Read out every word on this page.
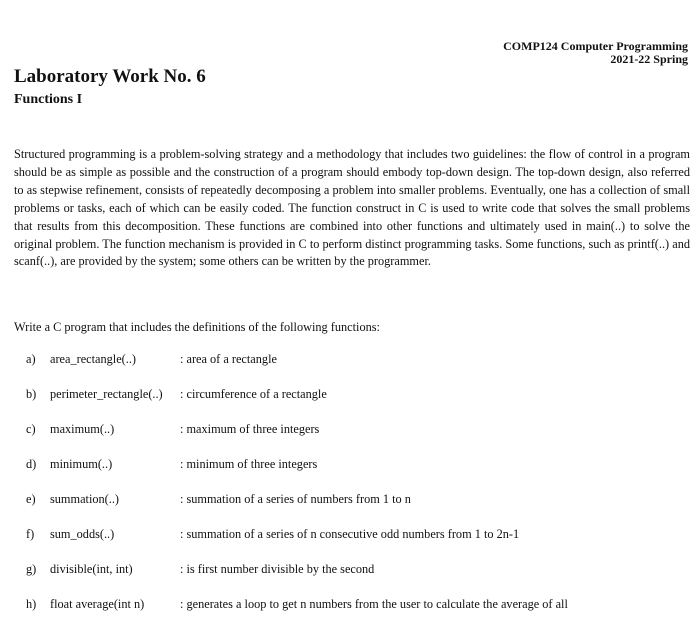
COMP124 Computer Programming
2021-22 Spring
Laboratory Work No. 6
Functions I

Structured programming is a problem-solving strategy and a methodology that includes two guidelines: the flow of control in a program should be as simple as possible and the construction of a program should embody top-down design. The top-down design, also referred to as stepwise refinement, consists of repeatedly decomposing a problem into smaller problems. Eventually, one has a collection of small problems or tasks, each of which can be easily coded. The function construct in C is used to write code that solves the small problems that results from this decomposition. These functions are combined into other functions and ultimately used in main(..) to solve the original problem. The function mechanism is provided in C to perform distinct programming tasks. Some functions, such as printf(..) and scanf(..), are provided by the system; some others can be written by the programmer.

Write a C program that includes the definitions of the following functions:

a)	area_rectangle(..)	: area of a rectangle
b)	perimeter_rectangle(..) : circumference of a rectangle
c)	maximum(..)	: maximum of three integers
d)	minimum(..)	: minimum of three integers
e)	summation(..)	: summation of a series of numbers from 1 to n
f)	sum_odds(..)	: summation of a series of n consecutive odd numbers from 1 to 2n-1
g)	divisible(int, int)	: is first number divisible by the second
h)	float average(int n)	: generates a loop to get n numbers from the user to calculate the average of all
